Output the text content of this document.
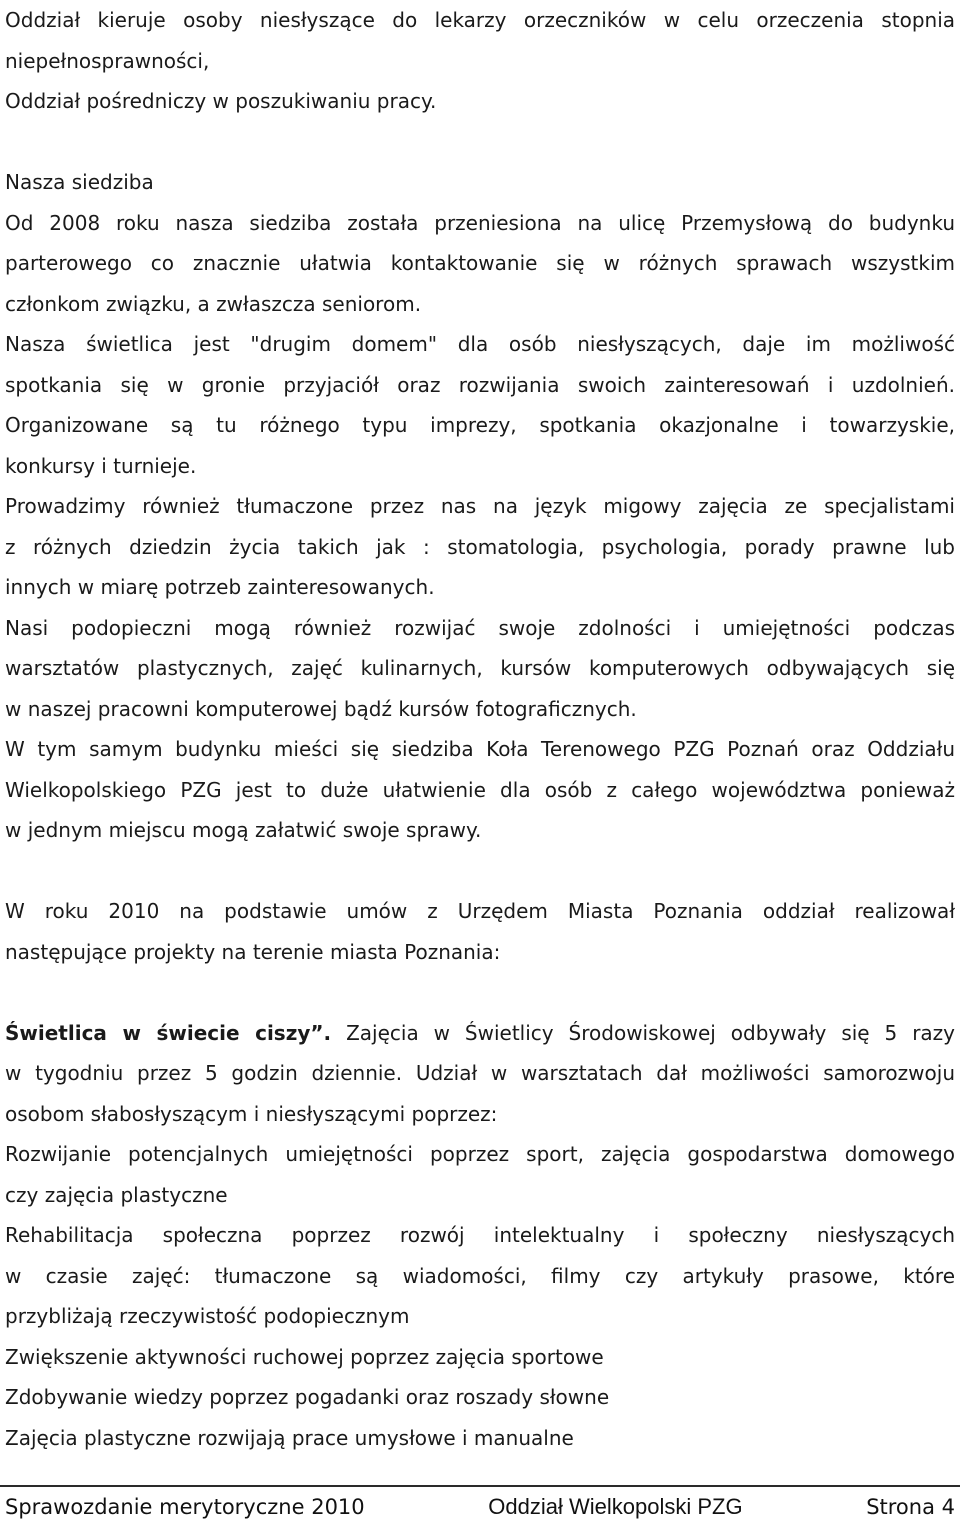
Oddział kieruje osoby niesłyszące do lekarzy orzeczników w celu orzeczenia stopnia
niepełnosprawności,
Oddział pośredniczy w poszukiwaniu pracy.
Nasza siedziba
Od 2008 roku nasza siedziba została przeniesiona na ulicę Przemysłową do budynku
parterowego co znacznie ułatwia kontaktowanie się w różnych sprawach wszystkim
członkom związku, a zwłaszcza seniorom.
Nasza świetlica jest "drugim domem" dla osób niesłyszących, daje im możliwość
spotkania się w gronie przyjaciół oraz rozwijania swoich zainteresowań i uzdolnień.
Organizowane są tu różnego typu imprezy, spotkania okazjonalne i towarzyskie,
konkursy i turnieje.
Prowadzimy również tłumaczone przez nas na język migowy zajęcia ze specjalistami
z różnych dziedzin życia takich jak : stomatologia, psychologia, porady prawne lub
innych w miarę potrzeb zainteresowanych.
Nasi podopieczni mogą również rozwijać swoje zdolności i umiejętności podczas
warsztatów plastycznych, zajęć kulinarnych, kursów komputerowych odbywających się
w naszej pracowni komputerowej bądź kursów fotograficznych.
W tym samym budynku mieści się siedziba Koła Terenowego PZG Poznań oraz Oddziału
Wielkopolskiego PZG jest to duże ułatwienie dla osób z całego województwa ponieważ
w jednym miejscu mogą załatwić swoje sprawy.
W roku 2010 na podstawie umów z Urzędem Miasta Poznania oddział realizował
następujące projekty na terenie miasta Poznania:
Świetlica w świecie ciszy”. Zajęcia w Świetlicy Środowiskowej odbywały się 5 razy
w tygodniu przez 5 godzin dziennie. Udział w warsztatach dał możliwości samorozwoju
osobom słabosłyszącym i niesłyszącymi poprzez:
Rozwijanie potencjalnych umiejętności poprzez sport, zajęcia gospodarstwa domowego
czy zajęcia plastyczne
Rehabilitacja społeczna poprzez rozwój intelektualny i społeczny niesłyszących
w czasie zajęć: tłumaczone są wiadomości, filmy czy artykuły prasowe, które
przybliżają rzeczywistość podopiecznym
Zwiększenie aktywności ruchowej poprzez zajęcia sportowe
Zdobywanie wiedzy poprzez pogadanki oraz roszady słowne
Zajęcia plastyczne rozwijają prace umysłowe i manualne
Sprawozdanie merytoryczne 2010	Oddział Wielkopolski PZG	Strona 4
